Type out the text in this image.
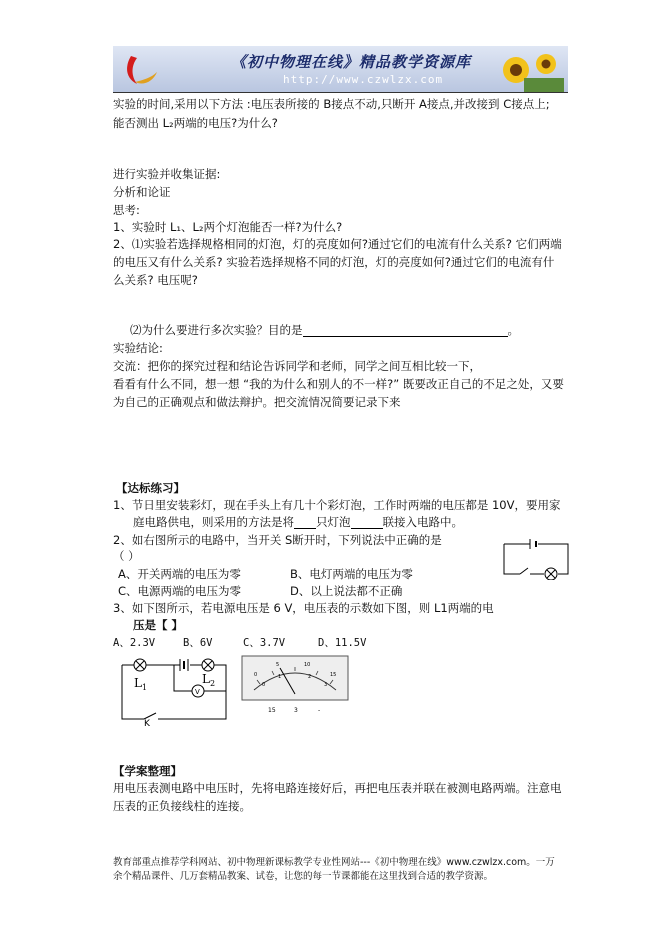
《初中物理在线》精品教学资源库
http://www.czwlzx.com
实验的时间,采用以下方法 :电压表所接的 B接点不动,只断开 A接点,并改接到 C接点上;
能否测出 L₂两端的电压?为什么?
进行实验并收集证据:
分析和论证
思考:
1、实验时 L₁、L₂两个灯泡能否一样?为什么?
2、⑴实验若选择规格相同的灯泡，灯的亮度如何?通过它们的电流有什么关系? 它们两端
的电压又有什么关系? 实验若选择规格不同的灯泡，灯的亮度如何?通过它们的电流有什
么关系? 电压呢?
⑵为什么要进行多次实验？目的是	。
实验结论:
交流：把你的探究过程和结论告诉同学和老师，同学之间互相比较一下，
看看有什么不同，想一想 “我的为什么和别人的不一样?” 既要改正自己的不足之处，又要
为自己的正确观点和做法辩护。把交流情况简要记录下来
【达标练习】
1、节日里安装彩灯，现在手头上有几十个彩灯泡，工作时两端的电压都是 10V，要用家
庭电路供电，则采用的方法是将 只灯泡	联接入电路中。
2、如右图所示的电路中，当开关 S断开时，下列说法中正确的是
（ ）
A、开关两端的电压为零	B、电灯两端的电压为零
C、电源两端的电压为零	D、以上说法都不正确
3、如下图所示，若电源电压是 6 V，电压表的示数如下图，则 L1两端的电
压是【 】
A、2.3V	B、6V	C、3.7V	D、11.5V
L 1
L 2
V
K
0
5	10
15
0
1	2
3
15	3	-
【学案整理】
用电压表测电路中电压时，先将电路连接好后，再把电压表并联在被测电路两端。注意电
压表的正负接线柱的连接。
教育部重点推荐学科网站、初中物理新课标教学专业性网站---《初中物理在线》www.czwlzx.com。一万
余个精品课件、几万套精品教案、试卷，让您的每一节课都能在这里找到合适的教学资源。
